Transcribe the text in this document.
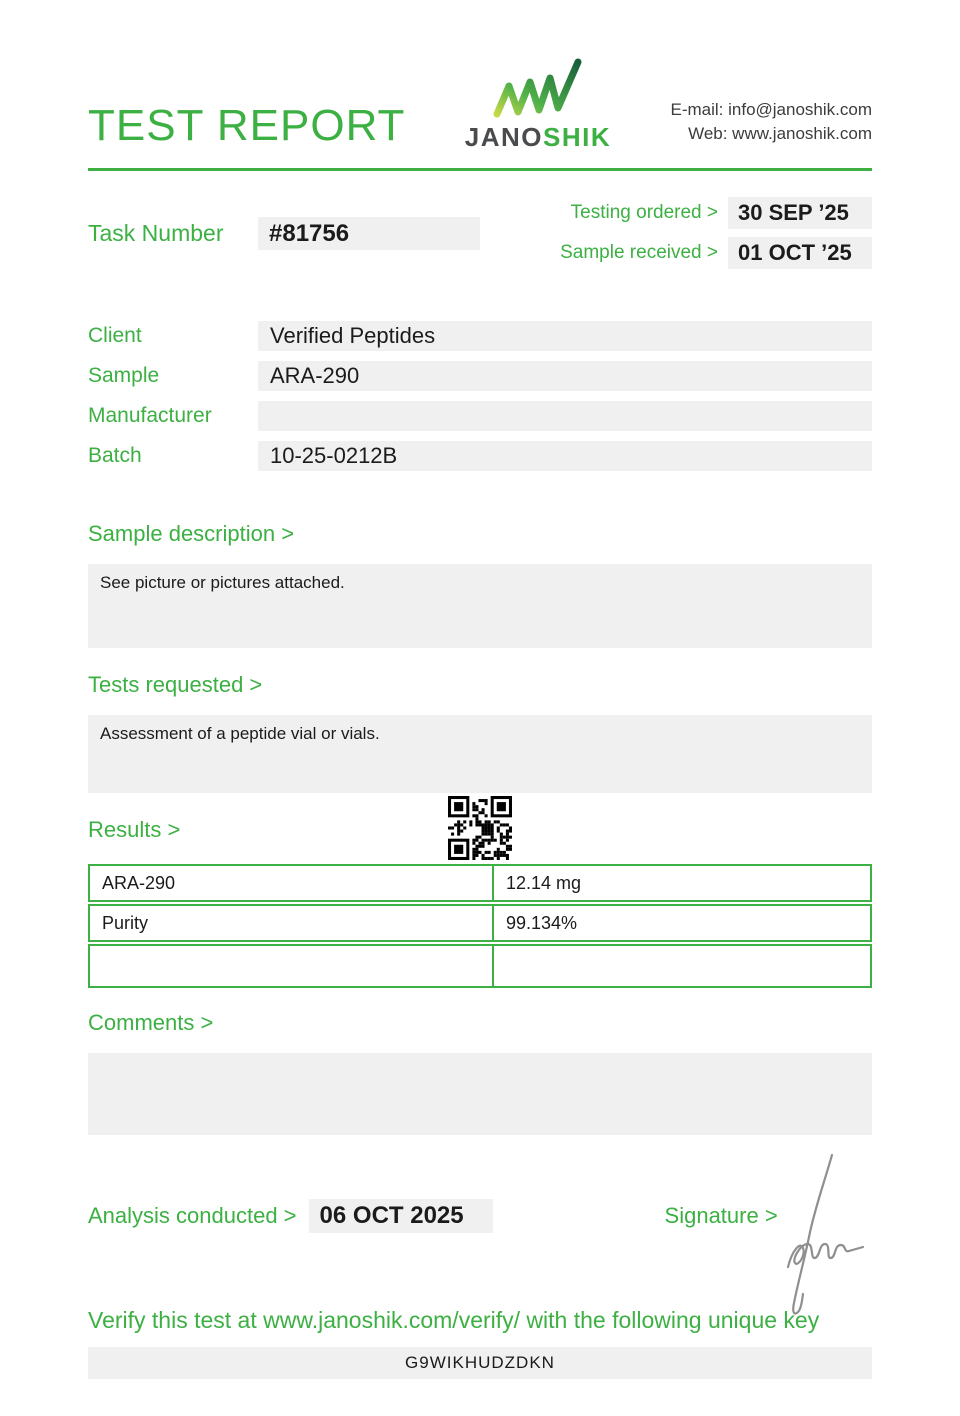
TEST REPORT JANOSHIK
E-mail: info@janoshik.com
Web: www.janoshik.com
Task Number	#81756
Testing ordered > 30 SEP ’25
Sample received > 01 OCT ’25
Client	Verified Peptides
Sample	ARA-290
Manufacturer
Batch	10-25-0212B
Sample description >
See picture or pictures attached.
Tests requested >
Assessment of a peptide vial or vials.
Results >
ARA-290	12.14 mg
Purity	99.134%
Comments >
Analysis conducted > 06 OCT 2025	Signature >
Verify this test at www.janoshik.com/verify/ with the following unique key
G9WIKHUDZDKN
